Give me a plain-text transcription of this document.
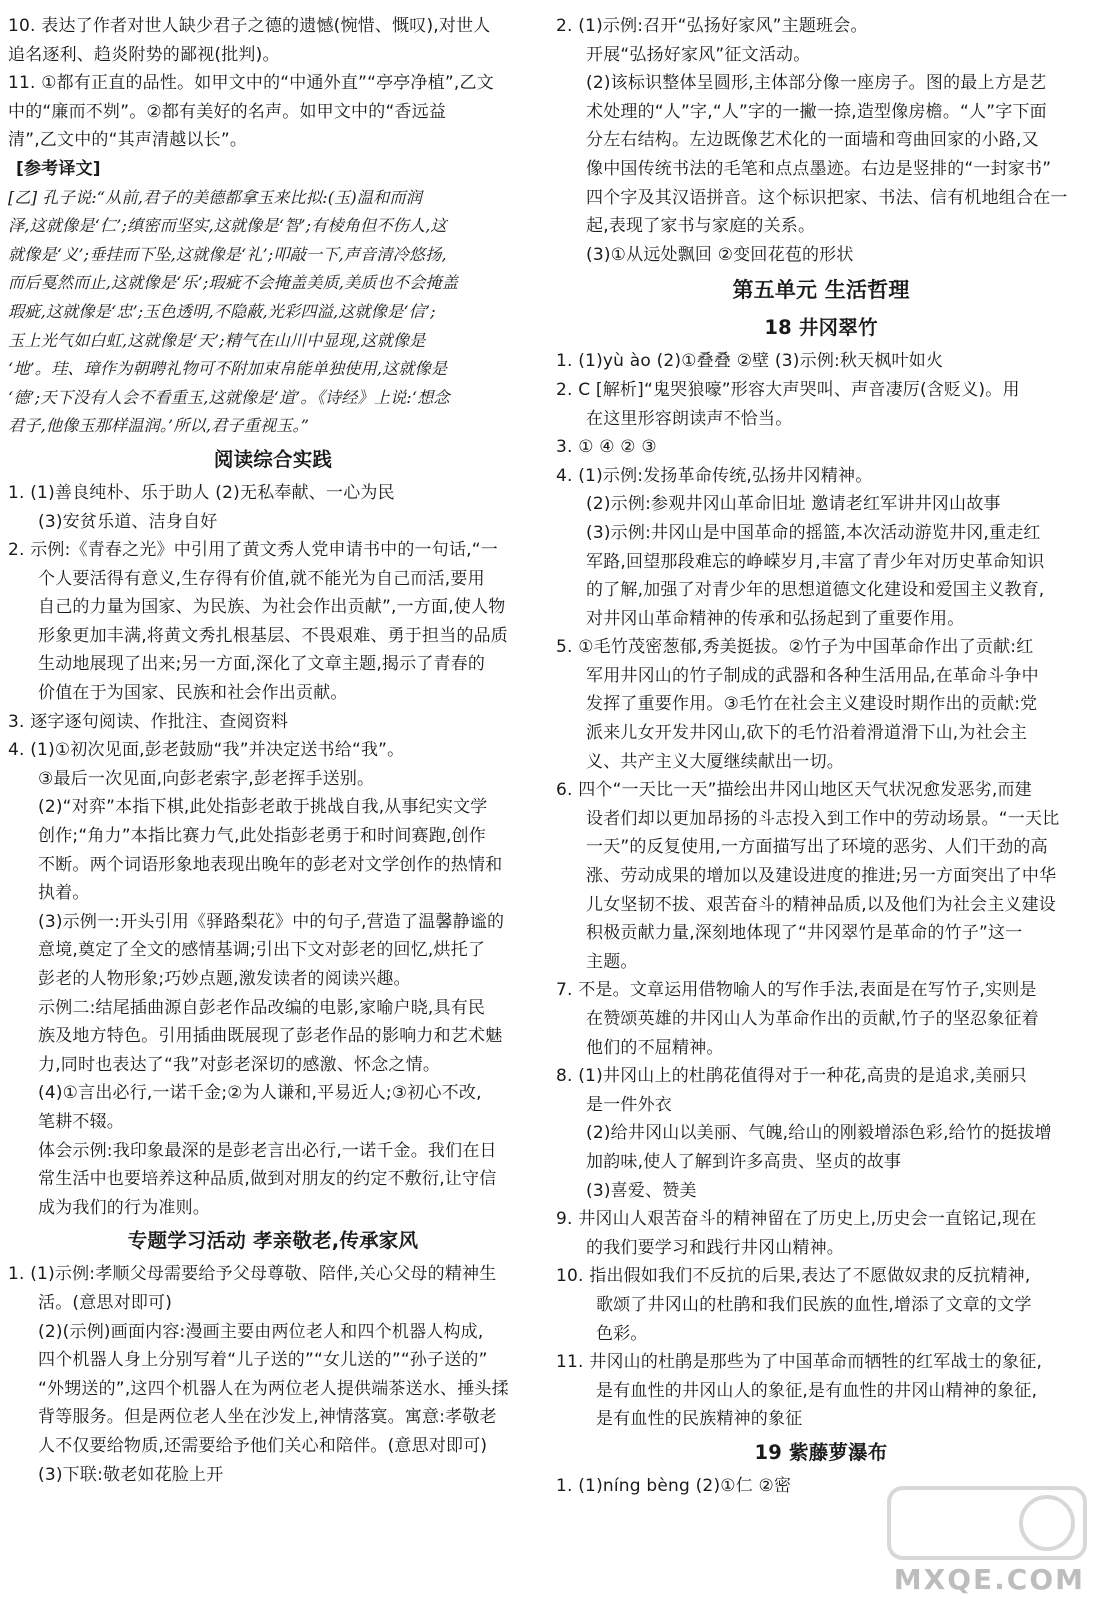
10. 表达了作者对世人缺少君子之德的遗憾(惋惜、慨叹),对世人
追名逐利、趋炎附势的鄙视(批判)。
11. ①都有正直的品性。如甲文中的“中通外直”“亭亭净植”,乙文
中的“廉而不刿”。②都有美好的名声。如甲文中的“香远益
清”,乙文中的“其声清越以长”。
[参考译文]
[乙] 孔子说:“从前,君子的美德都拿玉来比拟:(玉)温和而润
泽,这就像是‘仁’;缜密而坚实,这就像是‘智’;有棱角但不伤人,这
就像是‘义’;垂挂而下坠,这就像是‘礼’;叩敲一下,声音清冷悠扬,
而后戛然而止,这就像是‘乐’;瑕疵不会掩盖美质,美质也不会掩盖
瑕疵,这就像是‘忠’;玉色透明,不隐蔽,光彩四溢,这就像是‘信’;
玉上光气如白虹,这就像是‘天’;精气在山川中显现,这就像是
‘地’。珪、璋作为朝聘礼物可不附加束帛能单独使用,这就像是
‘德’;天下没有人会不看重玉,这就像是‘道’。《诗经》上说:‘想念
君子,他像玉那样温润。’所以,君子重视玉。”
阅读综合实践
1. (1)善良纯朴、乐于助人 (2)无私奉献、一心为民
(3)安贫乐道、洁身自好
2. 示例:《青春之光》中引用了黄文秀人党申请书中的一句话,“一
个人要活得有意义,生存得有价值,就不能光为自己而活,要用
自己的力量为国家、为民族、为社会作出贡献”,一方面,使人物
形象更加丰满,将黄文秀扎根基层、不畏艰难、勇于担当的品质
生动地展现了出来;另一方面,深化了文章主题,揭示了青春的
价值在于为国家、民族和社会作出贡献。
3. 逐字逐句阅读、作批注、查阅资料
4. (1)①初次见面,彭老鼓励“我”并决定送书给“我”。
③最后一次见面,向彭老索字,彭老挥手送别。
(2)“对弈”本指下棋,此处指彭老敢于挑战自我,从事纪实文学
创作;“角力”本指比赛力气,此处指彭老勇于和时间赛跑,创作
不断。两个词语形象地表现出晚年的彭老对文学创作的热情和
执着。
(3)示例一:开头引用《驿路梨花》中的句子,营造了温馨静谧的
意境,奠定了全文的感情基调;引出下文对彭老的回忆,烘托了
彭老的人物形象;巧妙点题,激发读者的阅读兴趣。
示例二:结尾插曲源自彭老作品改编的电影,家喻户晓,具有民
族及地方特色。引用插曲既展现了彭老作品的影响力和艺术魅
力,同时也表达了“我”对彭老深切的感激、怀念之情。
(4)①言出必行,一诺千金;②为人谦和,平易近人;③初心不改,
笔耕不辍。
体会示例:我印象最深的是彭老言出必行,一诺千金。我们在日
常生活中也要培养这种品质,做到对朋友的约定不敷衍,让守信
成为我们的行为准则。
专题学习活动 孝亲敬老,传承家风
1. (1)示例:孝顺父母需要给予父母尊敬、陪伴,关心父母的精神生
活。(意思对即可)
(2)(示例)画面内容:漫画主要由两位老人和四个机器人构成,
四个机器人身上分别写着“儿子送的”“女儿送的”“孙子送的”
“外甥送的”,这四个机器人在为两位老人提供端茶送水、捶头揉
背等服务。但是两位老人坐在沙发上,神情落寞。寓意:孝敬老
人不仅要给物质,还需要给予他们关心和陪伴。(意思对即可)
(3)下联:敬老如花脸上开
2. (1)示例:召开“弘扬好家风”主题班会。
开展“弘扬好家风”征文活动。
(2)该标识整体呈圆形,主体部分像一座房子。图的最上方是艺
术处理的“人”字,“人”字的一撇一捺,造型像房檐。“人”字下面
分左右结构。左边既像艺术化的一面墙和弯曲回家的小路,又
像中国传统书法的毛笔和点点墨迹。右边是竖排的“一封家书”
四个字及其汉语拼音。这个标识把家、书法、信有机地组合在一
起,表现了家书与家庭的关系。
(3)①从远处飘回 ②变回花苞的形状
第五单元 生活哲理
18 井冈翠竹
1. (1)yù ào (2)①叠叠 ②壁 (3)示例:秋天枫叶如火
2. C [解析]“鬼哭狼嚎”形容大声哭叫、声音凄厉(含贬义)。用
在这里形容朗读声不恰当。
3. ① ④ ② ③
4. (1)示例:发扬革命传统,弘扬井冈精神。
(2)示例:参观井冈山革命旧址 邀请老红军讲井冈山故事
(3)示例:井冈山是中国革命的摇篮,本次活动游览井冈,重走红
军路,回望那段难忘的峥嵘岁月,丰富了青少年对历史革命知识
的了解,加强了对青少年的思想道德文化建设和爱国主义教育,
对井冈山革命精神的传承和弘扬起到了重要作用。
5. ①毛竹茂密葱郁,秀美挺拔。②竹子为中国革命作出了贡献:红
军用井冈山的竹子制成的武器和各种生活用品,在革命斗争中
发挥了重要作用。③毛竹在社会主义建设时期作出的贡献:党
派来儿女开发井冈山,砍下的毛竹沿着滑道滑下山,为社会主
义、共产主义大厦继续献出一切。
6. 四个“一天比一天”描绘出井冈山地区天气状况愈发恶劣,而建
设者们却以更加昂扬的斗志投入到工作中的劳动场景。“一天比
一天”的反复使用,一方面描写出了环境的恶劣、人们干劲的高
涨、劳动成果的增加以及建设进度的推进;另一方面突出了中华
儿女坚韧不拔、艰苦奋斗的精神品质,以及他们为社会主义建设
积极贡献力量,深刻地体现了“井冈翠竹是革命的竹子”这一
主题。
7. 不是。文章运用借物喻人的写作手法,表面是在写竹子,实则是
在赞颂英雄的井冈山人为革命作出的贡献,竹子的坚忍象征着
他们的不屈精神。
8. (1)井冈山上的杜鹃花值得对于一种花,高贵的是追求,美丽只
是一件外衣
(2)给井冈山以美丽、气魄,给山的刚毅增添色彩,给竹的挺拔增
加韵味,使人了解到许多高贵、坚贞的故事
(3)喜爱、赞美
9. 井冈山人艰苦奋斗的精神留在了历史上,历史会一直铭记,现在
的我们要学习和践行井冈山精神。
10. 指出假如我们不反抗的后果,表达了不愿做奴隶的反抗精神,
歌颂了井冈山的杜鹃和我们民族的血性,增添了文章的文学
色彩。
11. 井冈山的杜鹃是那些为了中国革命而牺牲的红军战士的象征,
是有血性的井冈山人的象征,是有血性的井冈山精神的象征,
是有血性的民族精神的象征
19 紫藤萝瀑布
1. (1)níng bèng (2)①仁 ②密
MXQE.COM
